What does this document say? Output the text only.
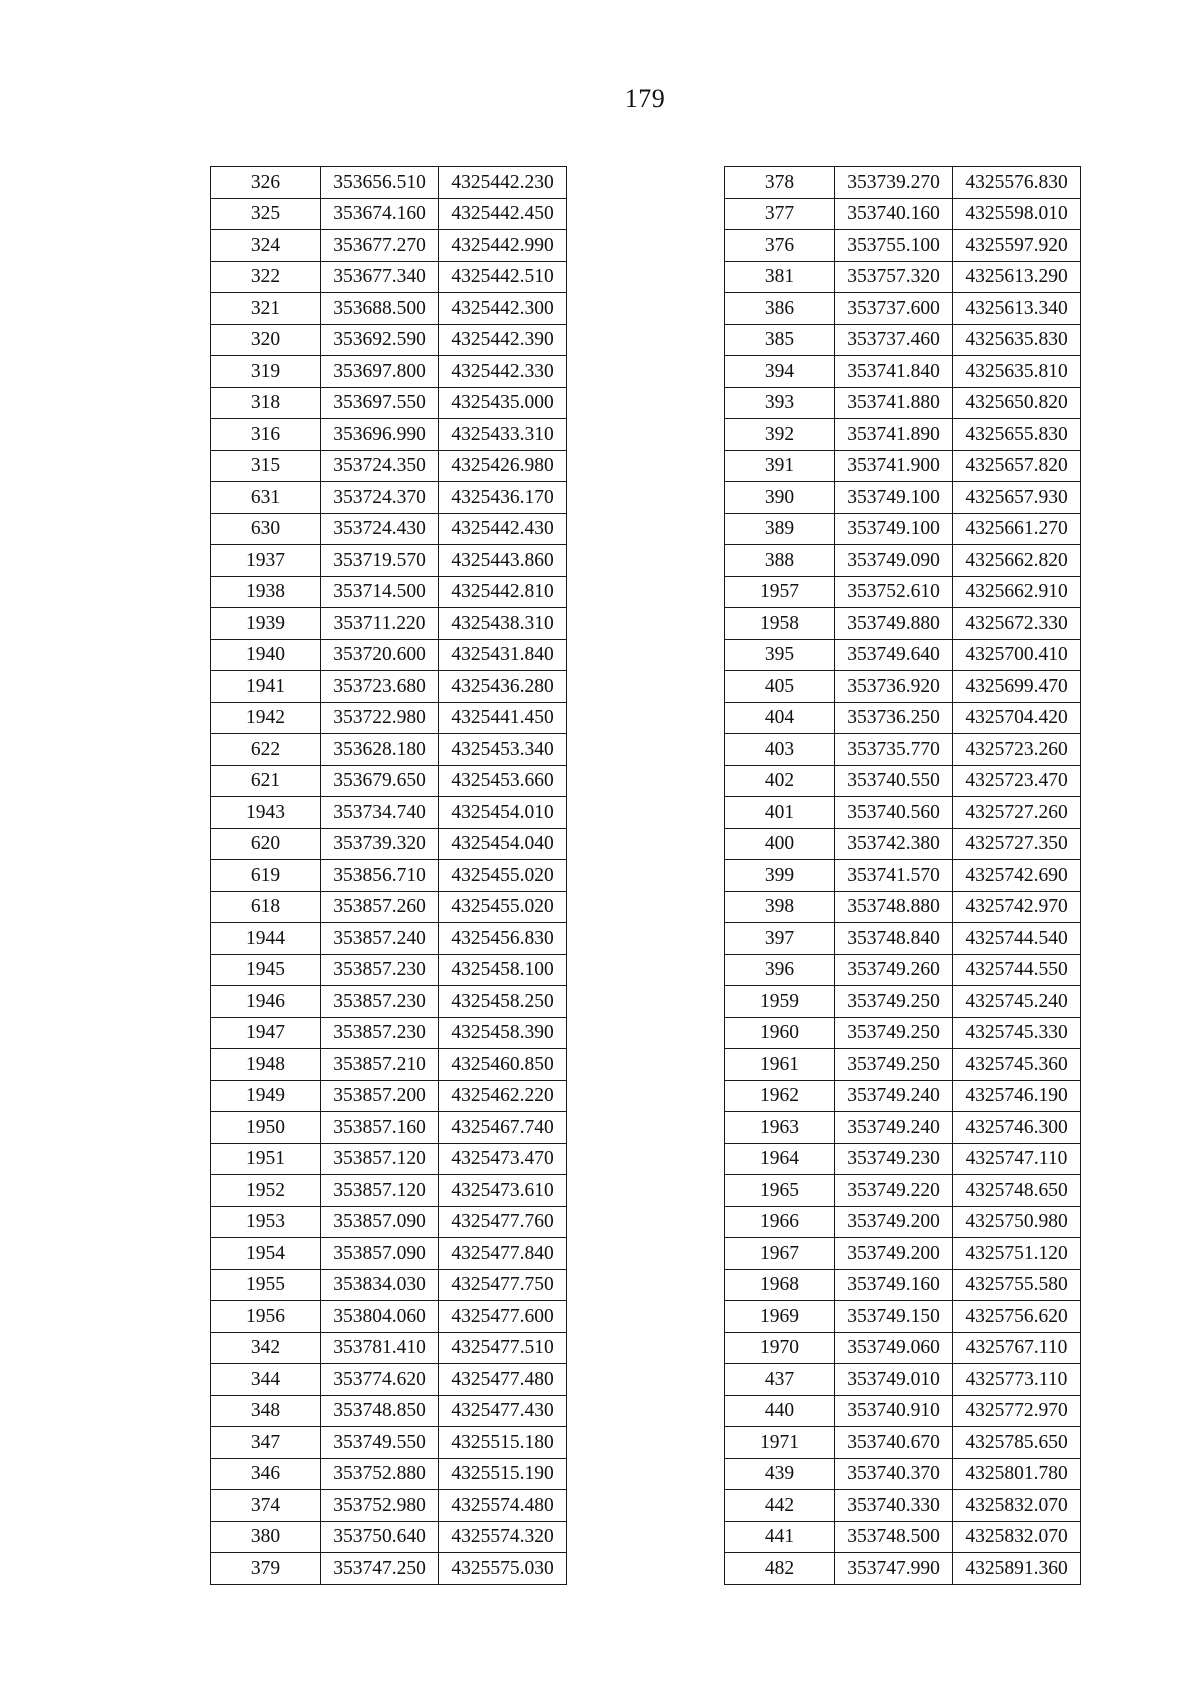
179
326	353656.510	4325442.230
325	353674.160	4325442.450
324	353677.270	4325442.990
322	353677.340	4325442.510
321	353688.500	4325442.300
320	353692.590	4325442.390
319	353697.800	4325442.330
318	353697.550	4325435.000
316	353696.990	4325433.310
315	353724.350	4325426.980
631	353724.370	4325436.170
630	353724.430	4325442.430
1937	353719.570	4325443.860
1938	353714.500	4325442.810
1939	353711.220	4325438.310
1940	353720.600	4325431.840
1941	353723.680	4325436.280
1942	353722.980	4325441.450
622	353628.180	4325453.340
621	353679.650	4325453.660
1943	353734.740	4325454.010
620	353739.320	4325454.040
619	353856.710	4325455.020
618	353857.260	4325455.020
1944	353857.240	4325456.830
1945	353857.230	4325458.100
1946	353857.230	4325458.250
1947	353857.230	4325458.390
1948	353857.210	4325460.850
1949	353857.200	4325462.220
1950	353857.160	4325467.740
1951	353857.120	4325473.470
1952	353857.120	4325473.610
1953	353857.090	4325477.760
1954	353857.090	4325477.840
1955	353834.030	4325477.750
1956	353804.060	4325477.600
342	353781.410	4325477.510
344	353774.620	4325477.480
348	353748.850	4325477.430
347	353749.550	4325515.180
346	353752.880	4325515.190
374	353752.980	4325574.480
380	353750.640	4325574.320
379	353747.250	4325575.030
378	353739.270	4325576.830
377	353740.160	4325598.010
376	353755.100	4325597.920
381	353757.320	4325613.290
386	353737.600	4325613.340
385	353737.460	4325635.830
394	353741.840	4325635.810
393	353741.880	4325650.820
392	353741.890	4325655.830
391	353741.900	4325657.820
390	353749.100	4325657.930
389	353749.100	4325661.270
388	353749.090	4325662.820
1957	353752.610	4325662.910
1958	353749.880	4325672.330
395	353749.640	4325700.410
405	353736.920	4325699.470
404	353736.250	4325704.420
403	353735.770	4325723.260
402	353740.550	4325723.470
401	353740.560	4325727.260
400	353742.380	4325727.350
399	353741.570	4325742.690
398	353748.880	4325742.970
397	353748.840	4325744.540
396	353749.260	4325744.550
1959	353749.250	4325745.240
1960	353749.250	4325745.330
1961	353749.250	4325745.360
1962	353749.240	4325746.190
1963	353749.240	4325746.300
1964	353749.230	4325747.110
1965	353749.220	4325748.650
1966	353749.200	4325750.980
1967	353749.200	4325751.120
1968	353749.160	4325755.580
1969	353749.150	4325756.620
1970	353749.060	4325767.110
437	353749.010	4325773.110
440	353740.910	4325772.970
1971	353740.670	4325785.650
439	353740.370	4325801.780
442	353740.330	4325832.070
441	353748.500	4325832.070
482	353747.990	4325891.360
